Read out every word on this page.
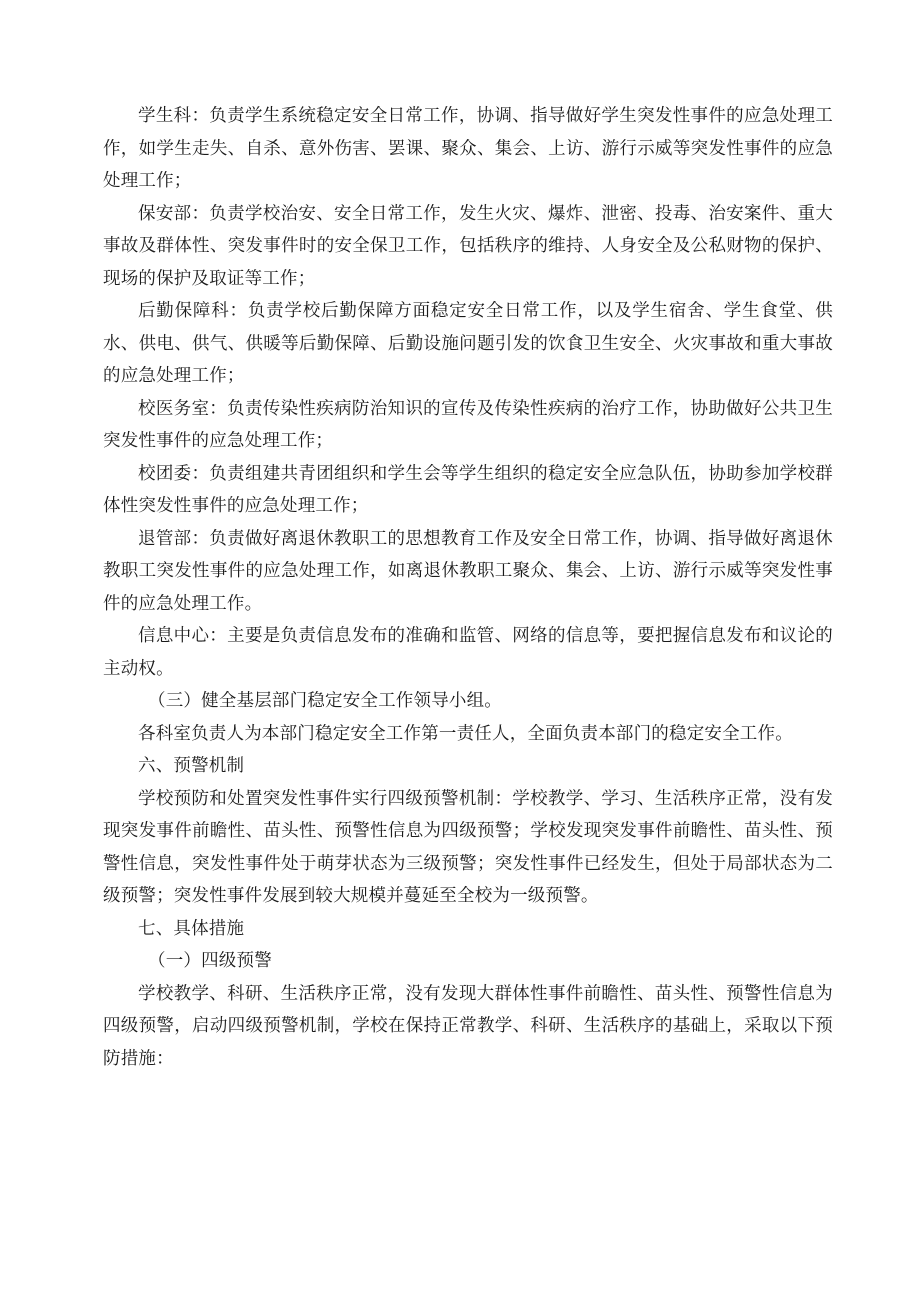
学生科：负责学生系统稳定安全日常工作，协调、指导做好学生突发性事件的应急处理工作，如学生走失、自杀、意外伤害、罢课、聚众、集会、上访、游行示威等突发性事件的应急处理工作；

保安部：负责学校治安、安全日常工作，发生火灾、爆炸、泄密、投毒、治安案件、重大事故及群体性、突发事件时的安全保卫工作，包括秩序的维持、人身安全及公私财物的保护、现场的保护及取证等工作；

后勤保障科：负责学校后勤保障方面稳定安全日常工作，以及学生宿舍、学生食堂、供水、供电、供气、供暖等后勤保障、后勤设施问题引发的饮食卫生安全、火灾事故和重大事故的应急处理工作；

校医务室：负责传染性疾病防治知识的宣传及传染性疾病的治疗工作，协助做好公共卫生突发性事件的应急处理工作；

校团委：负责组建共青团组织和学生会等学生组织的稳定安全应急队伍，协助参加学校群体性突发性事件的应急处理工作；

退管部：负责做好离退休教职工的思想教育工作及安全日常工作，协调、指导做好离退休教职工突发性事件的应急处理工作，如离退休教职工聚众、集会、上访、游行示威等突发性事件的应急处理工作。

信息中心：主要是负责信息发布的准确和监管、网络的信息等，要把握信息发布和议论的主动权。

（三）健全基层部门稳定安全工作领导小组。

各科室负责人为本部门稳定安全工作第一责任人，全面负责本部门的稳定安全工作。

六、预警机制

学校预防和处置突发性事件实行四级预警机制：学校教学、学习、生活秩序正常，没有发现突发事件前瞻性、苗头性、预警性信息为四级预警；学校发现突发事件前瞻性、苗头性、预警性信息，突发性事件处于萌芽状态为三级预警；突发性事件已经发生，但处于局部状态为二级预警；突发性事件发展到较大规模并蔓延至全校为一级预警。

七、具体措施

（一）四级预警

学校教学、科研、生活秩序正常，没有发现大群体性事件前瞻性、苗头性、预警性信息为四级预警，启动四级预警机制，学校在保持正常教学、科研、生活秩序的基础上，采取以下预防措施：
